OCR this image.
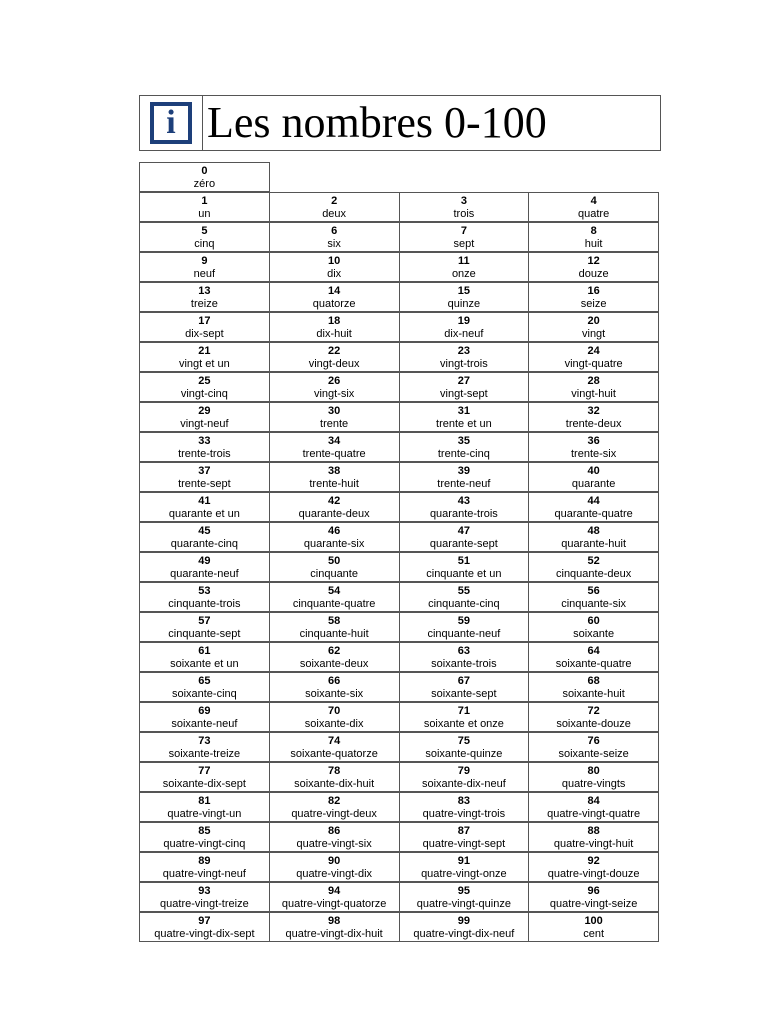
i Les nombres 0-100
0
zéro
1
un
2
deux
3
trois
4
quatre
5
cinq
6
six
7
sept
8
huit
9
neuf
10
dix
11
onze
12
douze
13
treize
14
quatorze
15
quinze
16
seize
17
dix-sept
18
dix-huit
19
dix-neuf
20
vingt
21
vingt et un
22
vingt-deux
23
vingt-trois
24
vingt-quatre
25
vingt-cinq
26
vingt-six
27
vingt-sept
28
vingt-huit
29
vingt-neuf
30
trente
31
trente et un
32
trente-deux
33
trente-trois
34
trente-quatre
35
trente-cinq
36
trente-six
37
trente-sept
38
trente-huit
39
trente-neuf
40
quarante
41
quarante et un
42
quarante-deux
43
quarante-trois
44
quarante-quatre
45
quarante-cinq
46
quarante-six
47
quarante-sept
48
quarante-huit
49
quarante-neuf
50
cinquante
51
cinquante et un
52
cinquante-deux
53
cinquante-trois
54
cinquante-quatre
55
cinquante-cinq
56
cinquante-six
57
cinquante-sept
58
cinquante-huit
59
cinquante-neuf
60
soixante
61
soixante et un
62
soixante-deux
63
soixante-trois
64
soixante-quatre
65
soixante-cinq
66
soixante-six
67
soixante-sept
68
soixante-huit
69
soixante-neuf
70
soixante-dix
71
soixante et onze
72
soixante-douze
73
soixante-treize
74
soixante-quatorze
75
soixante-quinze
76
soixante-seize
77
soixante-dix-sept
78
soixante-dix-huit
79
soixante-dix-neuf
80
quatre-vingts
81
quatre-vingt-un
82
quatre-vingt-deux
83
quatre-vingt-trois
84
quatre-vingt-quatre
85
quatre-vingt-cinq
86
quatre-vingt-six
87
quatre-vingt-sept
88
quatre-vingt-huit
89
quatre-vingt-neuf
90
quatre-vingt-dix
91
quatre-vingt-onze
92
quatre-vingt-douze
93
quatre-vingt-treize
94
quatre-vingt-quatorze
95
quatre-vingt-quinze
96
quatre-vingt-seize
97
quatre-vingt-dix-sept
98
quatre-vingt-dix-huit
99
quatre-vingt-dix-neuf
100
cent
